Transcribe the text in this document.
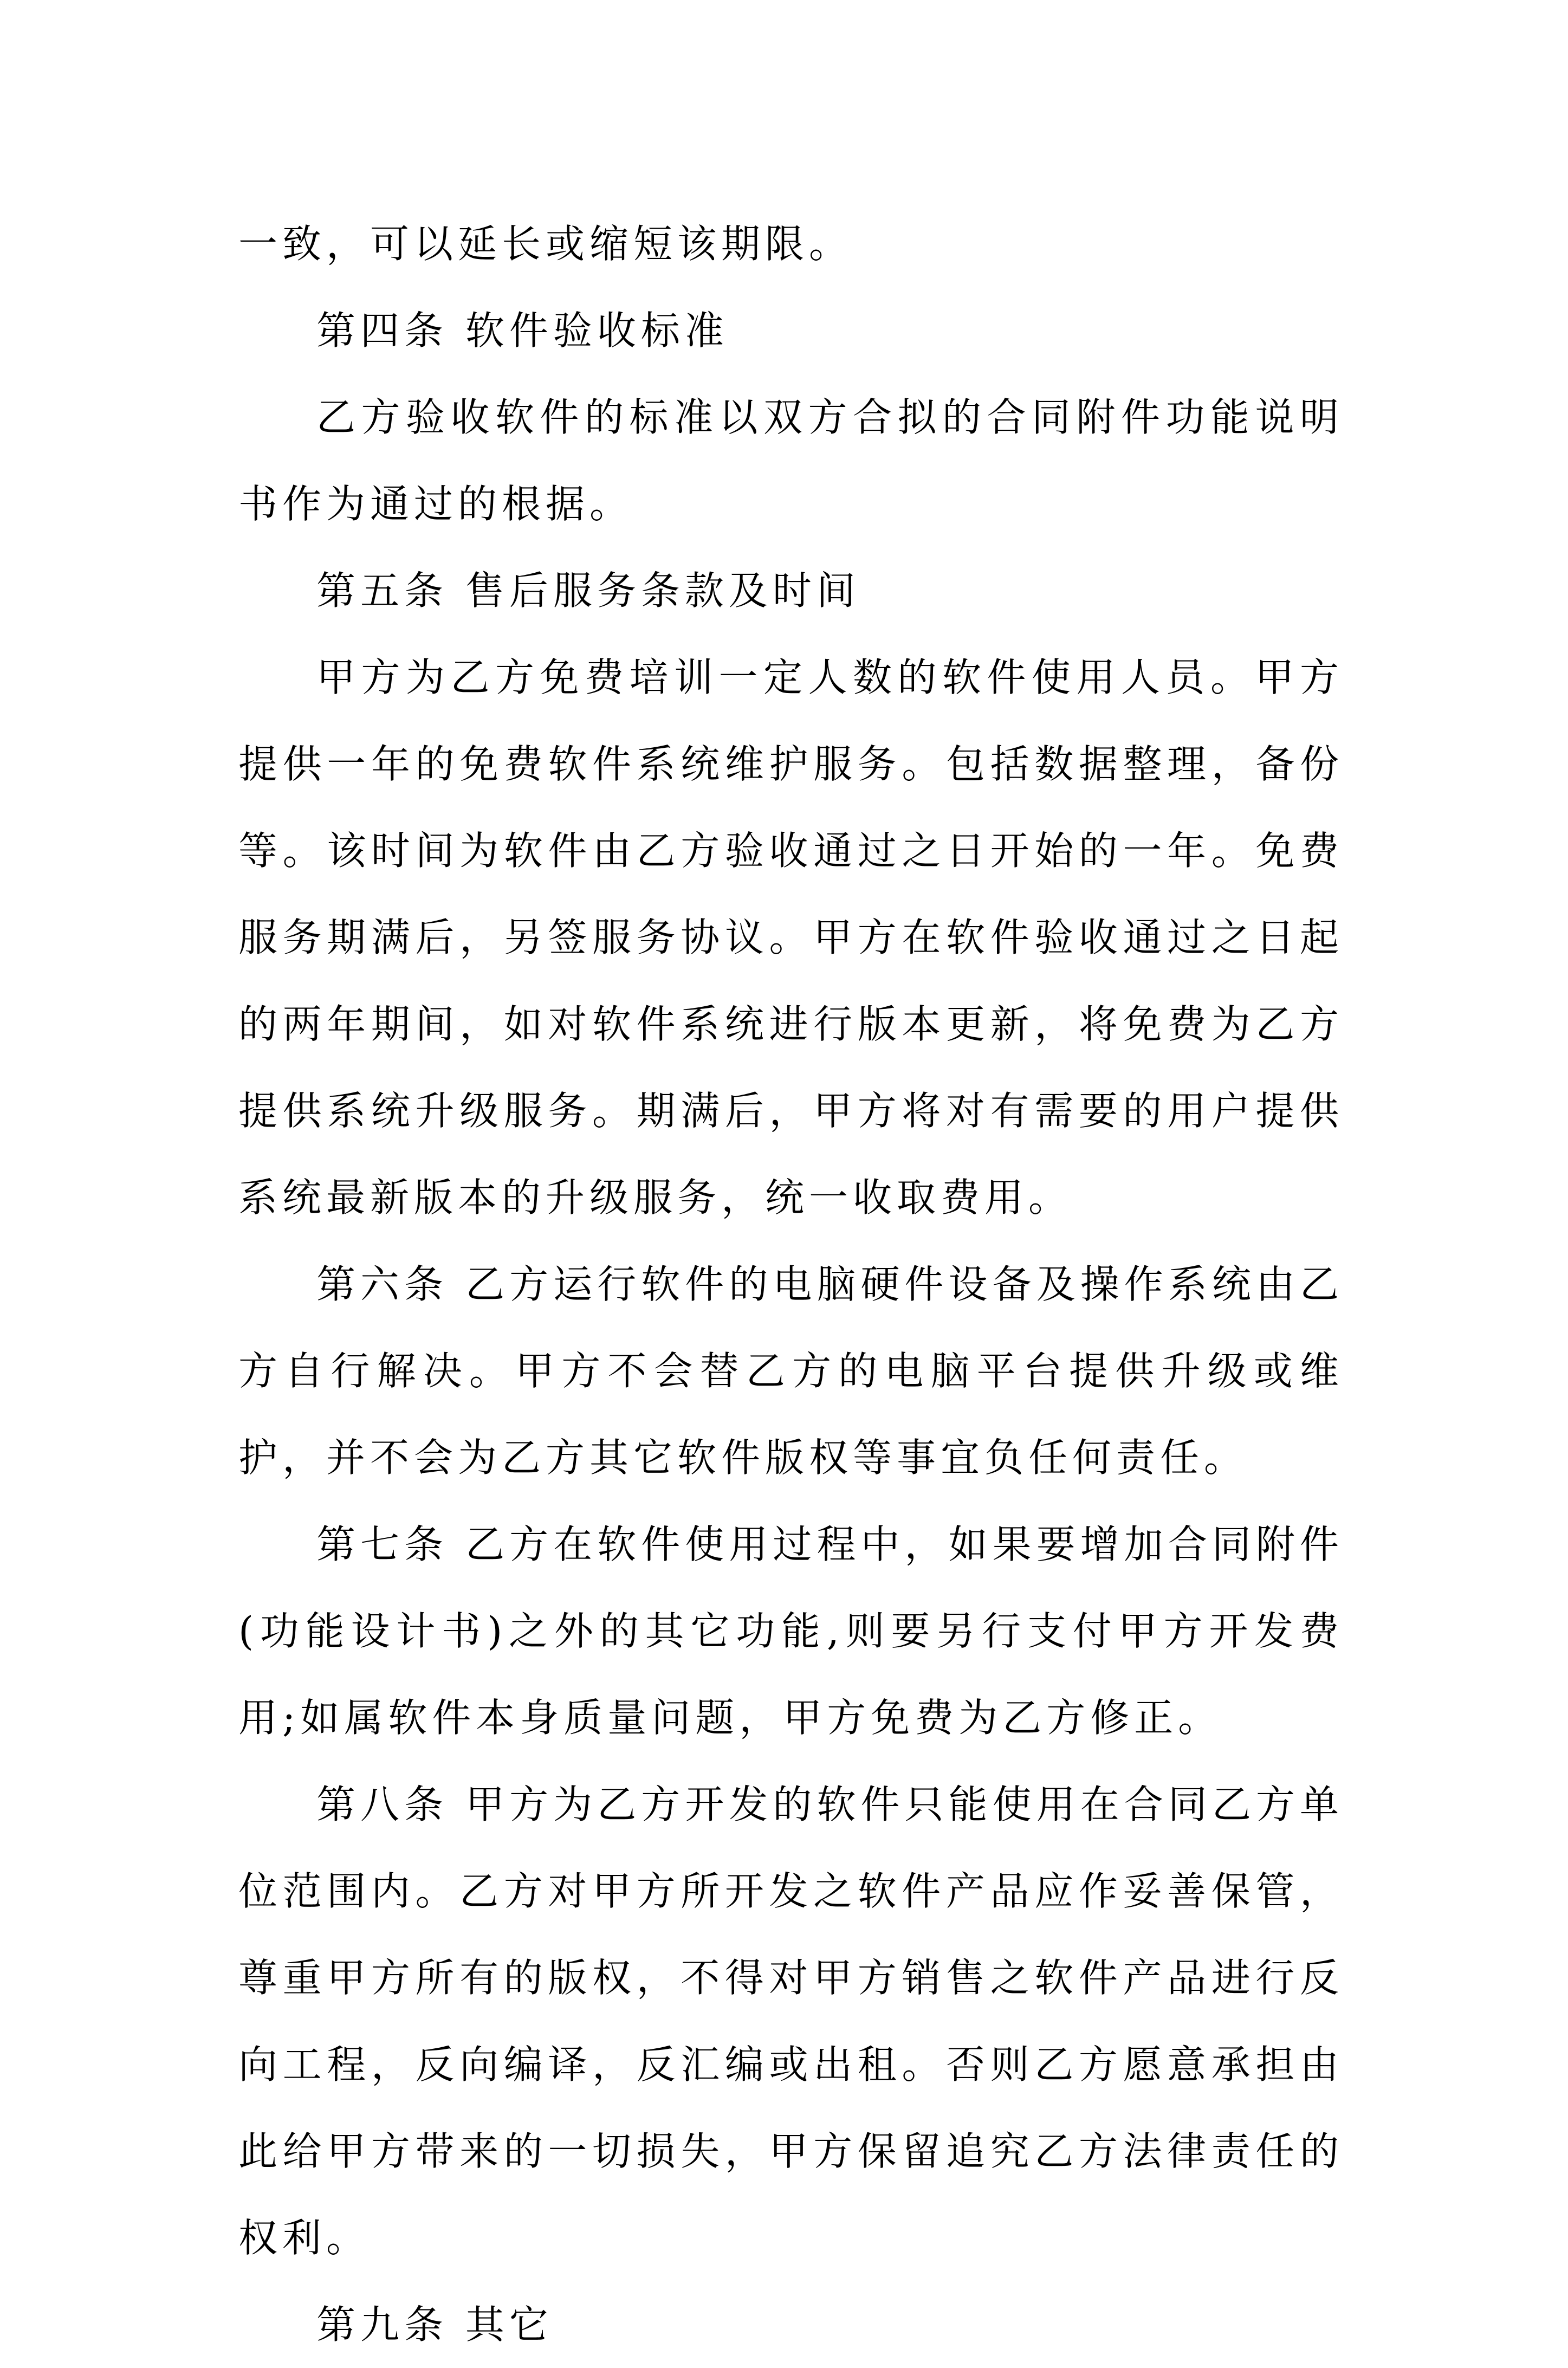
一致，可以延长或缩短该期限。

第四条 软件验收标准

乙方验收软件的标准以双方合拟的合同附件功能说明书作为通过的根据。

第五条 售后服务条款及时间

甲方为乙方免费培训一定人数的软件使用人员。甲方提供一年的免费软件系统维护服务。包括数据整理，备份等。该时间为软件由乙方验收通过之日开始的一年。免费服务期满后，另签服务协议。甲方在软件验收通过之日起的两年期间，如对软件系统进行版本更新，将免费为乙方提供系统升级服务。期满后，甲方将对有需要的用户提供系统最新版本的升级服务，统一收取费用。

第六条 乙方运行软件的电脑硬件设备及操作系统由乙方自行解决。甲方不会替乙方的电脑平台提供升级或维护，并不会为乙方其它软件版权等事宜负任何责任。

第七条 乙方在软件使用过程中，如果要增加合同附件(功能设计书)之外的其它功能,则要另行支付甲方开发费用;如属软件本身质量问题，甲方免费为乙方修正。

第八条 甲方为乙方开发的软件只能使用在合同乙方单位范围内。乙方对甲方所开发之软件产品应作妥善保管，尊重甲方所有的版权，不得对甲方销售之软件产品进行反向工程，反向编译，反汇编或出租。否则乙方愿意承担由此给甲方带来的一切损失，甲方保留追究乙方法律责任的权利。

第九条 其它
